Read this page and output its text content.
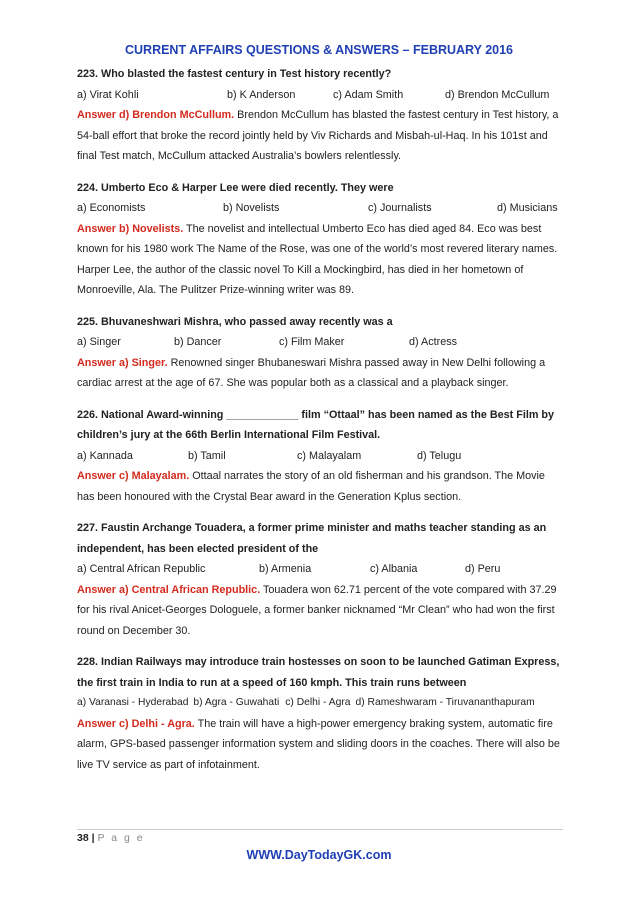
CURRENT AFFAIRS QUESTIONS & ANSWERS – FEBRUARY 2016
223. Who blasted the fastest century in Test history recently?
a) Virat Kohli	b) K Anderson	c) Adam Smith	d) Brendon McCullum
Answer d) Brendon McCullum. Brendon McCullum has blasted the fastest century in Test history, a 54-ball effort that broke the record jointly held by Viv Richards and Misbah-ul-Haq. In his 101st and final Test match, McCullum attacked Australia’s bowlers relentlessly.
224. Umberto Eco & Harper Lee were died recently. They were
a) Economists	b) Novelists	c) Journalists	d) Musicians
Answer b) Novelists. The novelist and intellectual Umberto Eco has died aged 84. Eco was best known for his 1980 work The Name of the Rose, was one of the world’s most revered literary names. Harper Lee, the author of the classic novel To Kill a Mockingbird, has died in her hometown of Monroeville, Ala. The Pulitzer Prize-winning writer was 89.
225. Bhuvaneshwari Mishra, who passed away recently was a
a) Singer	b) Dancer	c) Film Maker	d) Actress
Answer a) Singer. Renowned singer Bhubaneswari Mishra passed away in New Delhi following a cardiac arrest at the age of 67. She was popular both as a classical and a playback singer.
226. National Award-winning ____________ film “Ottaal” has been named as the Best Film by children’s jury at the 66th Berlin International Film Festival.
a) Kannada	b) Tamil	c) Malayalam	d) Telugu
Answer c) Malayalam. Ottaal narrates the story of an old fisherman and his grandson. The Movie has been honoured with the Crystal Bear award in the Generation Kplus section.
227. Faustin Archange Touadera, a former prime minister and maths teacher standing as an independent, has been elected president of the
a) Central African Republic	b) Armenia	c) Albania	d) Peru
Answer a) Central African Republic. Touadera won 62.71 percent of the vote compared with 37.29 for his rival Anicet-Georges Dologuele, a former banker nicknamed “Mr Clean” who had won the first round on December 30.
228. Indian Railways may introduce train hostesses on soon to be launched Gatiman Express, the first train in India to run at a speed of 160 kmph. This train runs between
a) Varanasi - Hyderabad b) Agra - Guwahati c) Delhi - Agra d) Rameshwaram - Tiruvananthapuram
Answer c) Delhi - Agra. The train will have a high-power emergency braking system, automatic fire alarm, GPS-based passenger information system and sliding doors in the coaches. There will also be live TV service as part of infotainment.
38 | P a g e
WWW.DayTodayGK.com
